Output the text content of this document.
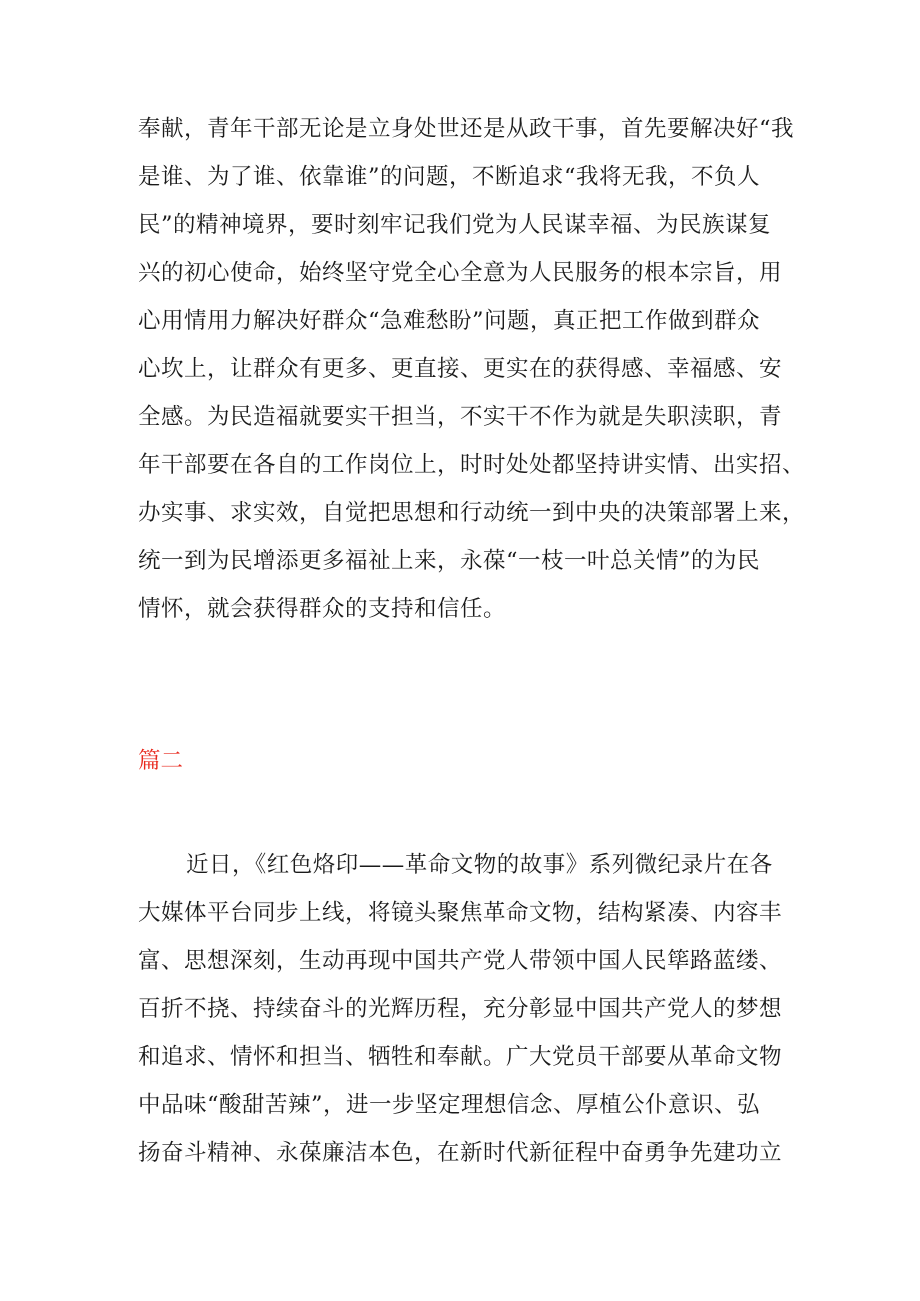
奉献，青年干部无论是立身处世还是从政干事，首先要解决好“我
是谁、为了谁、依靠谁”的问题，不断追求“我将无我，不负人
民”的精神境界，要时刻牢记我们党为人民谋幸福、为民族谋复
兴的初心使命，始终坚守党全心全意为人民服务的根本宗旨，用
心用情用力解决好群众“急难愁盼”问题，真正把工作做到群众
心坎上，让群众有更多、更直接、更实在的获得感、幸福感、安
全感。为民造福就要实干担当，不实干不作为就是失职渎职，青
年干部要在各自的工作岗位上，时时处处都坚持讲实情、出实招、
办实事、求实效，自觉把思想和行动统一到中央的决策部署上来，
统一到为民增添更多福祉上来，永葆“一枝一叶总关情”的为民
情怀，就会获得群众的支持和信任。
篇二
近日，《红色烙印——革命文物的故事》系列微纪录片在各
大媒体平台同步上线，将镜头聚焦革命文物，结构紧凑、内容丰
富、思想深刻，生动再现中国共产党人带领中国人民筚路蓝缕、
百折不挠、持续奋斗的光辉历程，充分彰显中国共产党人的梦想
和追求、情怀和担当、牺牲和奉献。广大党员干部要从革命文物
中品味“酸甜苦辣”，进一步坚定理想信念、厚植公仆意识、弘
扬奋斗精神、永葆廉洁本色，在新时代新征程中奋勇争先建功立
